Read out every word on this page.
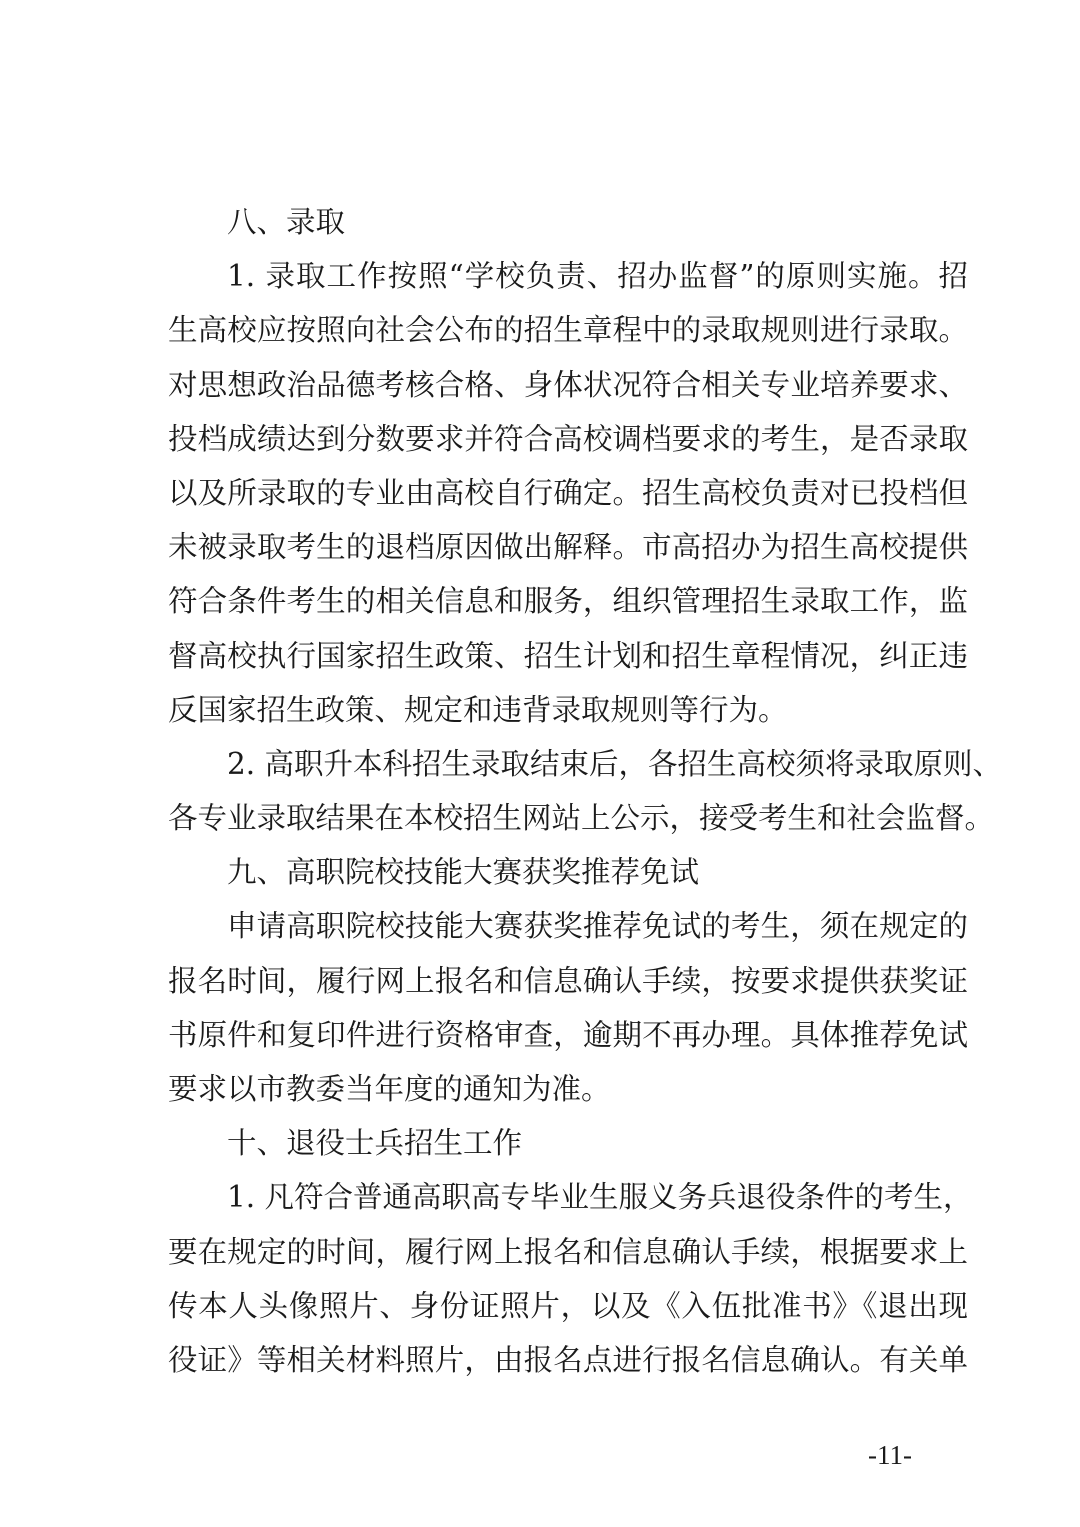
八、录取
1. 录取工作按照“学校负责、招办监督”的原则实施。招
生高校应按照向社会公布的招生章程中的录取规则进行录取。
对思想政治品德考核合格、身体状况符合相关专业培养要求、
投档成绩达到分数要求并符合高校调档要求的考生，是否录取
以及所录取的专业由高校自行确定。招生高校负责对已投档但
未被录取考生的退档原因做出解释。市高招办为招生高校提供
符合条件考生的相关信息和服务，组织管理招生录取工作，监
督高校执行国家招生政策、招生计划和招生章程情况，纠正违
反国家招生政策、规定和违背录取规则等行为。
2. 高职升本科招生录取结束后，各招生高校须将录取原则、
各专业录取结果在本校招生网站上公示，接受考生和社会监督。
九、高职院校技能大赛获奖推荐免试
申请高职院校技能大赛获奖推荐免试的考生，须在规定的
报名时间，履行网上报名和信息确认手续，按要求提供获奖证
书原件和复印件进行资格审查，逾期不再办理。具体推荐免试
要求以市教委当年度的通知为准。
十、退役士兵招生工作
1. 凡符合普通高职高专毕业生服义务兵退役条件的考生，
要在规定的时间，履行网上报名和信息确认手续，根据要求上
传本人头像照片、身份证照片，以及《入伍批准书》《退出现
役证》等相关材料照片，由报名点进行报名信息确认。有关单
-11-
